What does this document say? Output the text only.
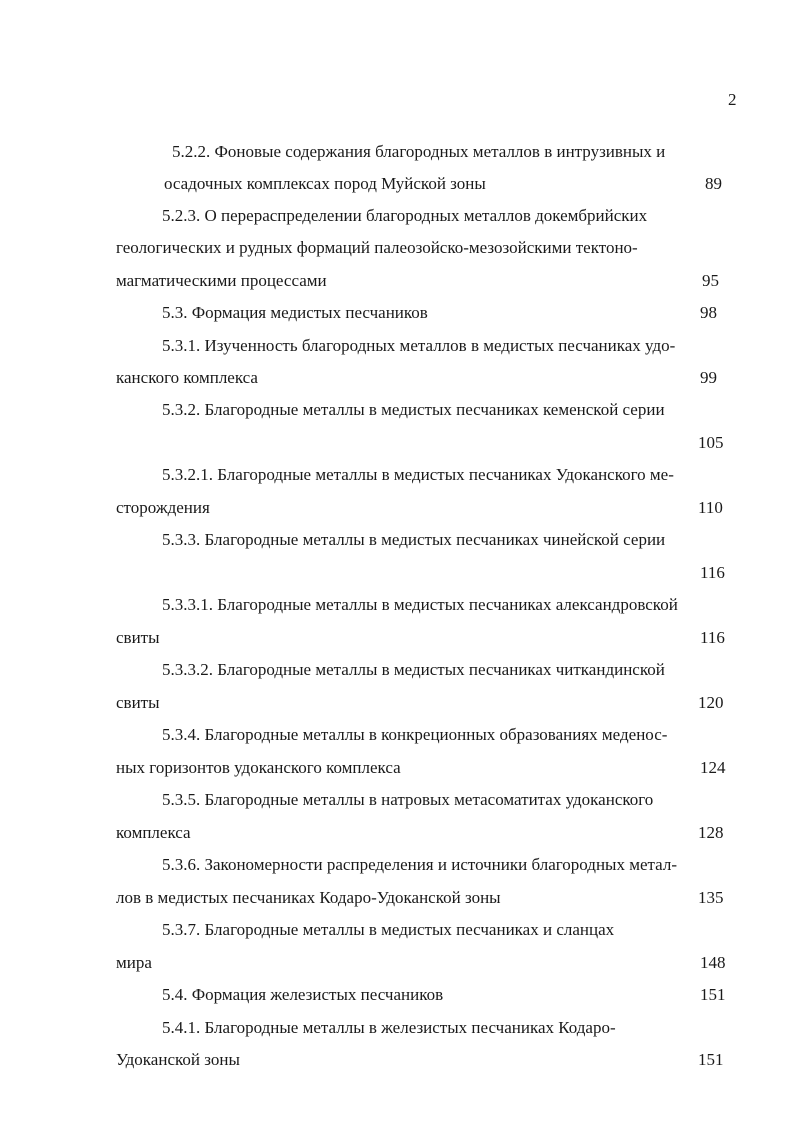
2
5.2.2. Фоновые содержания благородных металлов в интрузивных и
осадочных комплексах пород Муйской зоны	89
5.2.3. О перераспределении благородных металлов докембрийских
геологических и рудных формаций палеозойско-мезозойскими тектоно-
магматическими процессами	95
5.3. Формация медистых песчаников	98
5.3.1. Изученность благородных металлов в медистых песчаниках удо-
канского комплекса	99
5.3.2. Благородные металлы в медистых песчаниках кеменской серии
105
5.3.2.1. Благородные металлы в медистых песчаниках Удоканского ме-
сторождения	110
5.3.3. Благородные металлы в медистых песчаниках чинейской серии
116
5.3.3.1. Благородные металлы в медистых песчаниках александровской
свиты	116
5.3.3.2. Благородные металлы в медистых песчаниках читкандинской
свиты	120
5.3.4. Благородные металлы в конкреционных образованиях меденос-
ных горизонтов удоканского комплекса	124
5.3.5. Благородные металлы в натровых метасоматитах удоканского
комплекса	128
5.3.6. Закономерности распределения и источники благородных метал-
лов в медистых песчаниках Кодаро-Удоканской зоны	135
5.3.7. Благородные металлы в медистых песчаниках и сланцах
мира	148
5.4. Формация железистых песчаников	151
5.4.1. Благородные металлы в железистых песчаниках Кодаро-
Удоканской зоны	151
